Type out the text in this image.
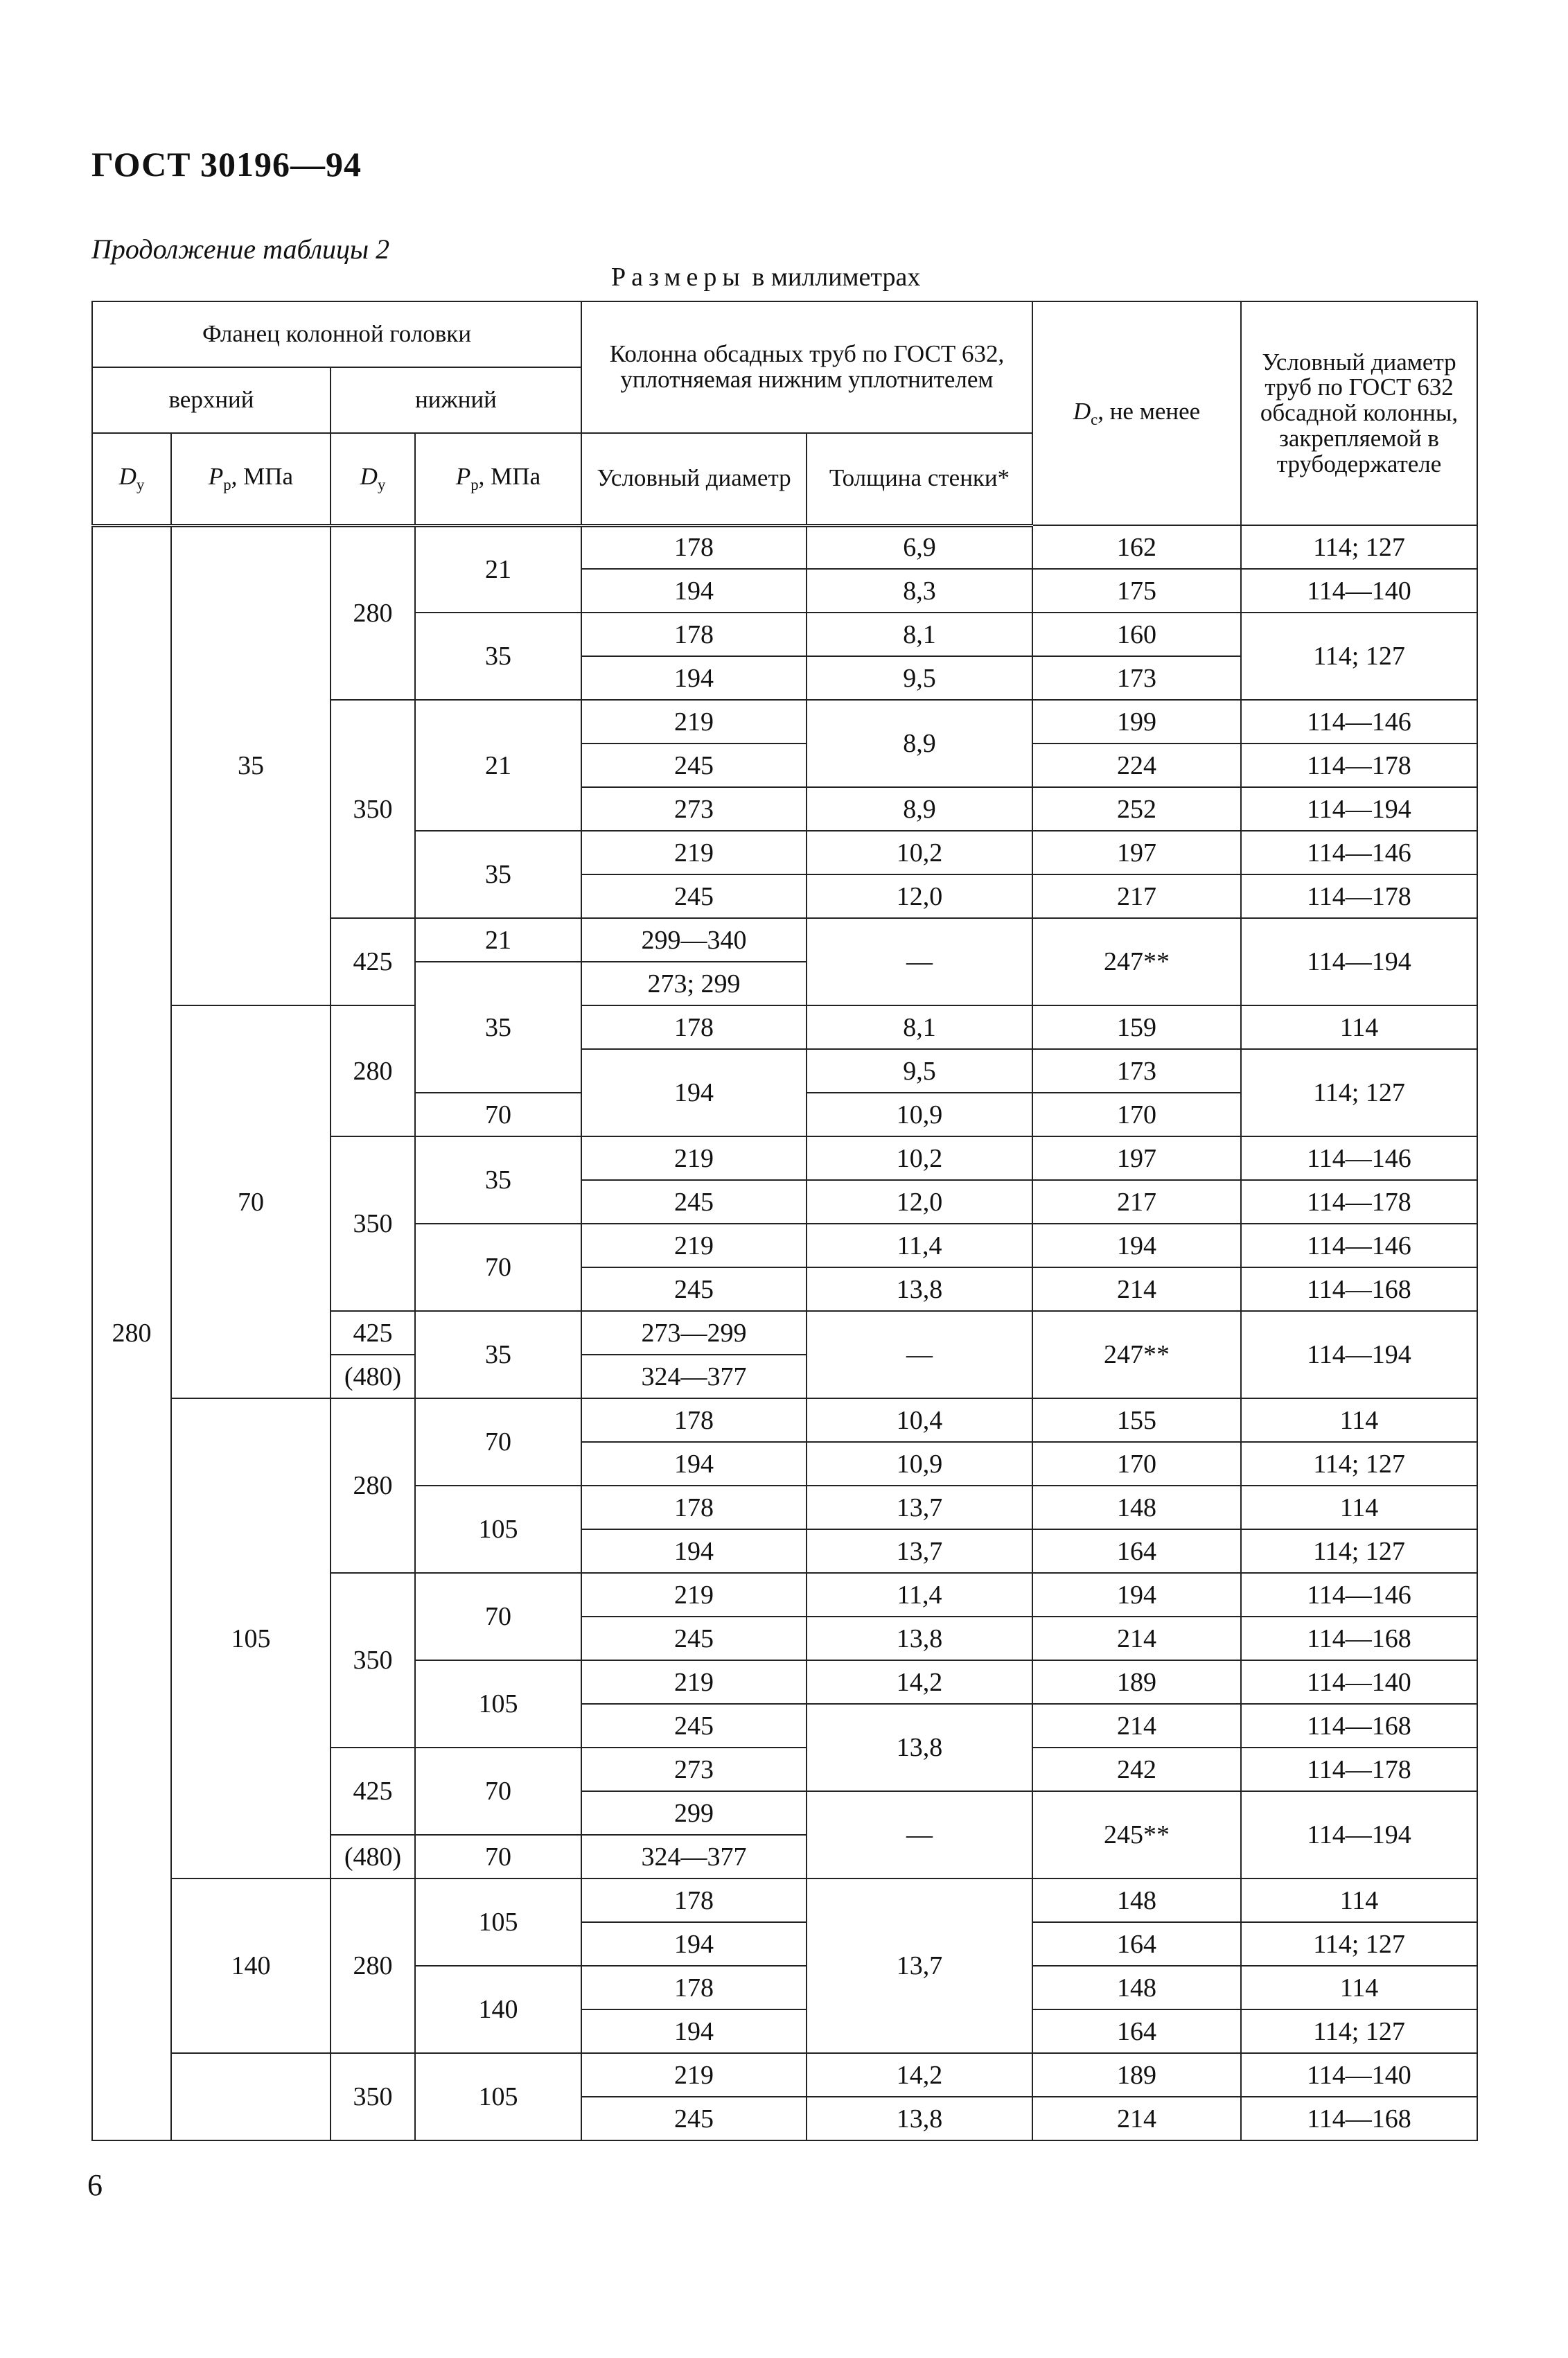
ГОСТ 30196—94
Продолжение таблицы 2
Размеры в миллиметрах
Фланец колонной головки				Колонна обсадных труб по ГОСТ 632, уплотняемая нижним уплотнителем		$D_с$, не менее	Условный диаметр труб по ГОСТ 632 обсадной колонны, закрепляемой в трубодержателе
верхний		нижний					
$D_у$	$P_р$, МПа	$D_у$	$P_р$, МПа	Условный диаметр	Толщина стенки*		
280	35	280	21	178	6,9	162	114; 127
				194	8,3	175	114—140
			35	178	8,1	160	114; 127
				194	9,5	173	
		350	21	219	8,9	199	114—146
				245		224	114—178
				273	8,9	252	114—194
			35	219	10,2	197	114—146
				245	12,0	217	114—178
		425	21	299—340	—	247**	114—194
			35	273; 299			
	70	280		178	8,1	159	114
				194	9,5	173	114; 127
			70		10,9	170	
		350	35	219	10,2	197	114—146
				245	12,0	217	114—178
			70	219	11,4	194	114—146
				245	13,8	214	114—168
		425	35	273—299	—	247**	114—194
		(480)		324—377			
	105	280	70	178	10,4	155	114
				194	10,9	170	114; 127
			105	178	13,7	148	114
				194	13,7	164	114; 127
		350	70	219	11,4	194	114—146
				245	13,8	214	114—168
			105	219	14,2	189	114—140
				245	13,8	214	114—168
		425	70	273		242	114—178
				299	—	245**	114—194
		(480)	70	324—377			
	140	280	105	178	13,7	148	114
				194		164	114; 127
			140	178		148	114
				194		164	114; 127
		350	105	219	14,2	189	114—140
				245	13,8	214	114—168
6
